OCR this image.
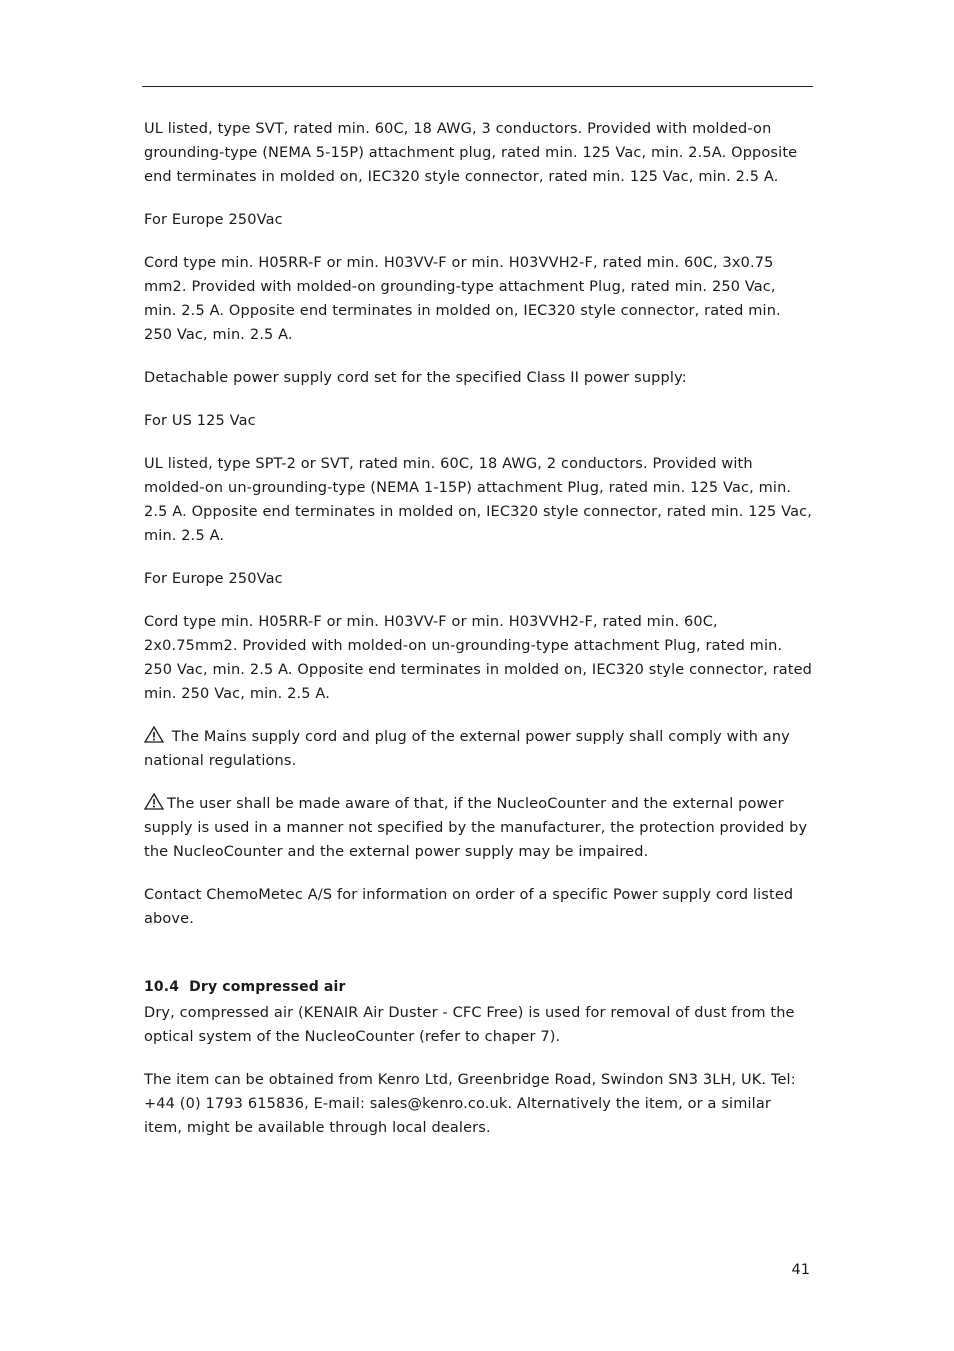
UL listed, type SVT, rated min. 60C, 18 AWG, 3 conductors. Provided with molded-on grounding-type (NEMA 5-15P) attachment plug, rated min. 125 Vac, min. 2.5A. Opposite end terminates in molded on, IEC320 style connector, rated min. 125 Vac, min. 2.5 A.

For Europe 250Vac

Cord type min. H05RR-F or min. H03VV-F or min. H03VVH2-F, rated min. 60C, 3x0.75 mm2. Provided with molded-on grounding-type attachment Plug, rated min. 250 Vac, min. 2.5 A. Opposite end terminates in molded on, IEC320 style connector, rated min. 250 Vac, min. 2.5 A.

Detachable power supply cord set for the specified Class II power supply:

For US 125 Vac

UL listed, type SPT-2 or SVT, rated min. 60C, 18 AWG, 2 conductors. Provided with molded-on un-grounding-type (NEMA 1-15P) attachment Plug, rated min. 125 Vac, min. 2.5 A. Opposite end terminates in molded on, IEC320 style connector, rated min. 125 Vac, min. 2.5 A.

For Europe 250Vac

Cord type min. H05RR-F or min. H03VV-F or min. H03VVH2-F, rated min. 60C, 2x0.75mm2. Provided with molded-on un-grounding-type attachment Plug, rated min. 250 Vac, min. 2.5 A. Opposite end terminates in molded on, IEC320 style connector, rated min. 250 Vac, min. 2.5 A.

The Mains supply cord and plug of the external power supply shall comply with any national regulations.

The user shall be made aware of that, if the NucleoCounter and the external power supply is used in a manner not specified by the manufacturer, the protection provided by the NucleoCounter and the external power supply may be impaired.

Contact ChemoMetec A/S for information on order of a specific Power supply cord listed above.

10.4 Dry compressed air

Dry, compressed air (KENAIR Air Duster - CFC Free) is used for removal of dust from the optical system of the NucleoCounter (refer to chaper 7).

The item can be obtained from Kenro Ltd, Greenbridge Road, Swindon SN3 3LH, UK. Tel: +44 (0) 1793 615836, E-mail: sales@kenro.co.uk. Alternatively the item, or a similar item, might be available through local dealers.

41
